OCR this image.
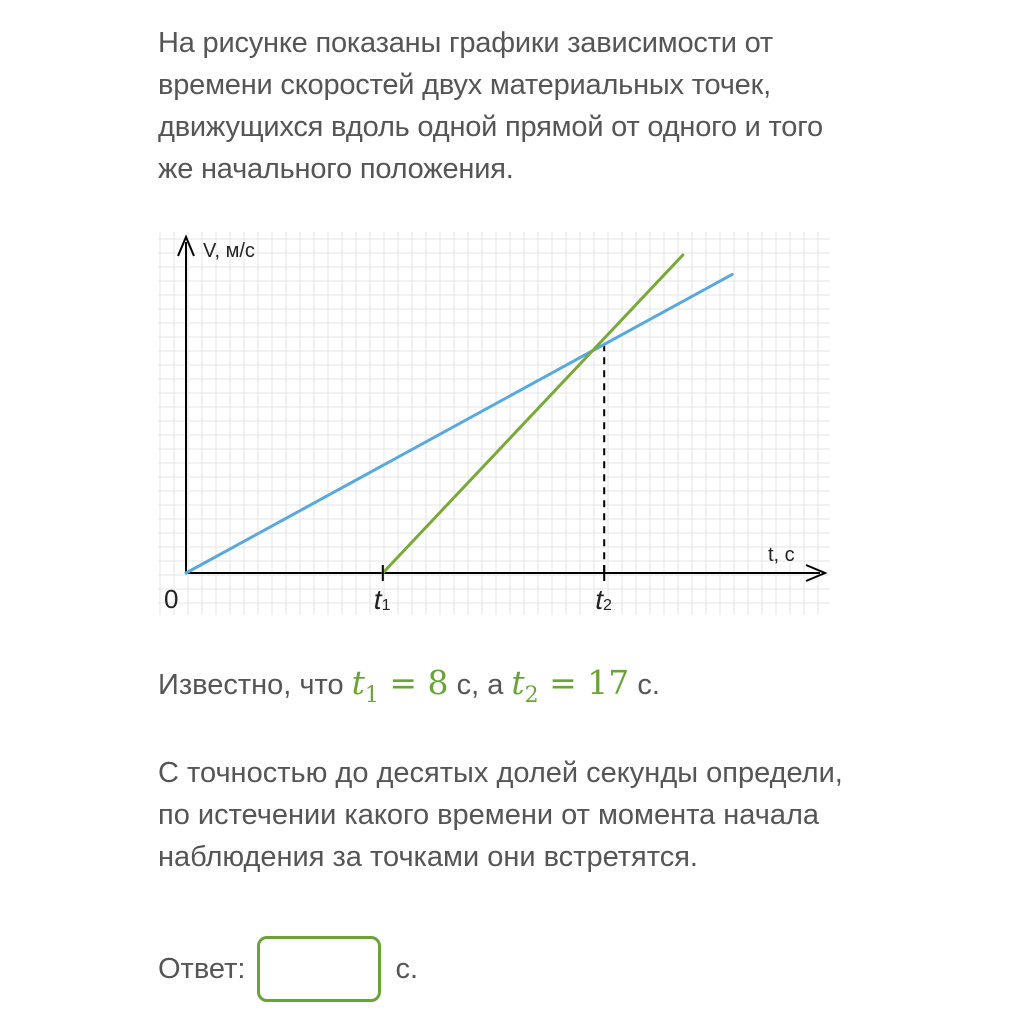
На рисунке показаны графики зависимости от времени скоростей двух материальных точек, движущихся вдоль одной прямой от одного и того же начального положения.

V, м/с
t, с
0	t1	t2

Известно, что $t_1 = 8$ с, а $t_2 = 17$ с.

С точностью до десятых долей секунды определи, по истечении какого времени от момента начала наблюдения за точками они встретятся.

Ответ:	с.
